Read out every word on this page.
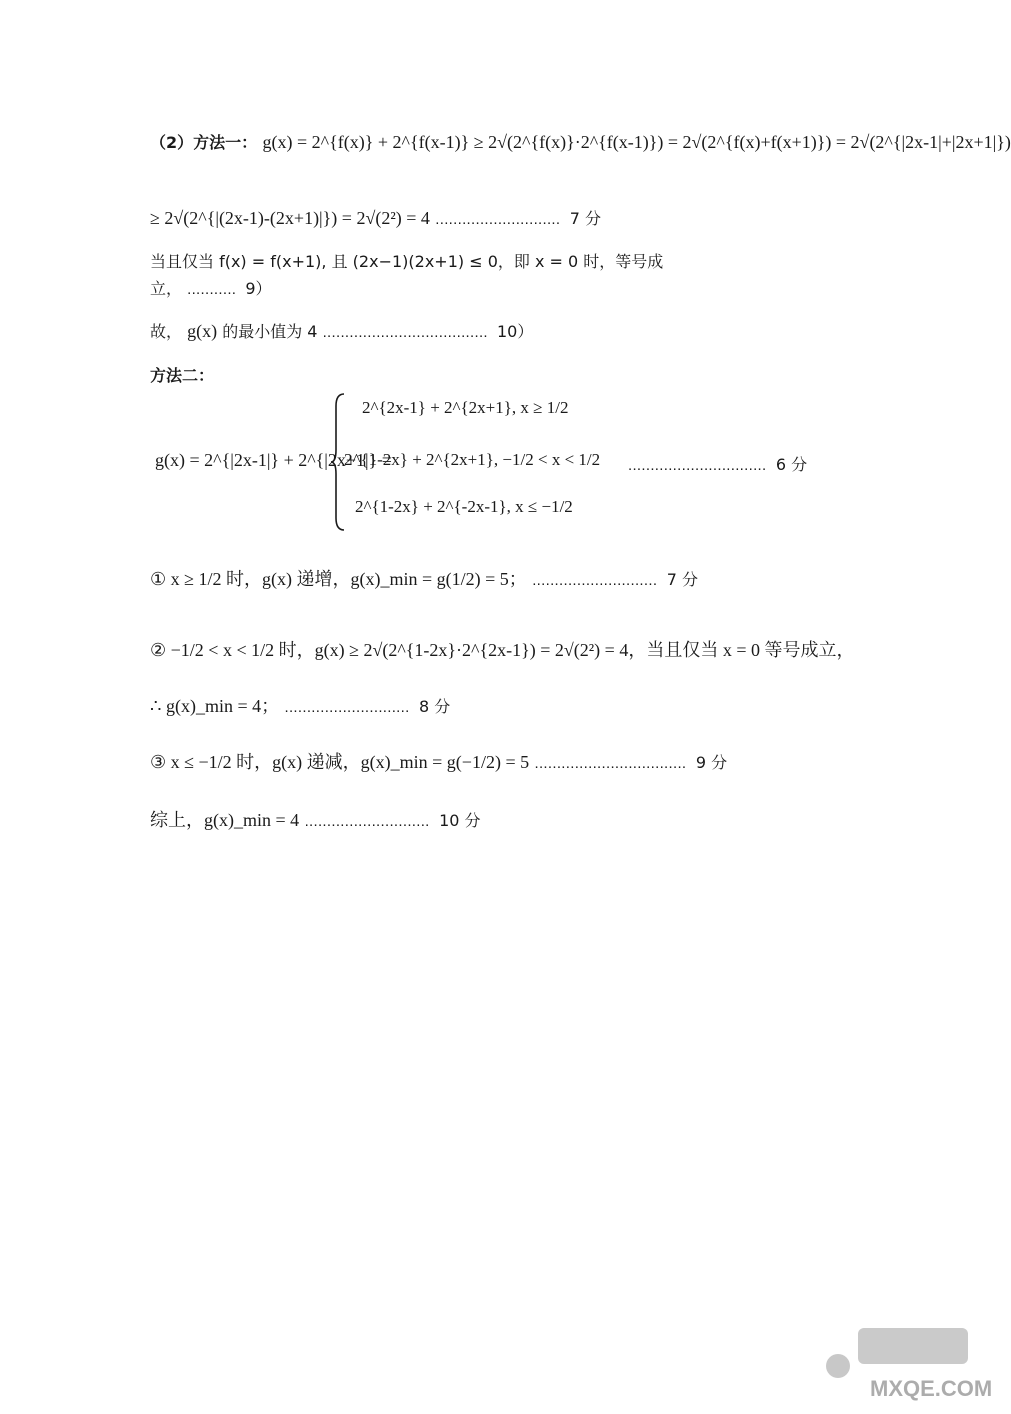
（2）方法一： g(x) = 2^{f(x)} + 2^{f(x-1)} ≥ 2√(2^{f(x)}·2^{f(x-1)}) = 2√(2^{f(x)+f(x+1)}) = 2√(2^{|2x-1|+|2x+1|})
≥ 2√(2^{|(2x-1)-(2x+1)|}) = 2√(2²) = 4 ............................ 7 分
当且仅当 f(x) = f(x+1), 且 (2x−1)(2x+1) ≤ 0，即 x = 0 时，等号成
立， ........... 9）
故， g(x) 的最小值为 4 ..................................... 10）
方法二：
g(x) = 2^{|2x-1|} + 2^{|2x+1|} =
2^{2x-1} + 2^{2x+1}, x ≥ 1/2
2^{1-2x} + 2^{2x+1}, −1/2 < x < 1/2
2^{1-2x} + 2^{-2x-1}, x ≤ −1/2
............................... 6 分
① x ≥ 1/2 时，g(x) 递增，g(x)_min = g(1/2) = 5； ............................ 7 分
② −1/2 < x < 1/2 时，g(x) ≥ 2√(2^{1-2x}·2^{2x-1}) = 2√(2²) = 4，当且仅当 x = 0 等号成立，
∴ g(x)_min = 4； ............................ 8 分
③ x ≤ −1/2 时，g(x) 递减，g(x)_min = g(−1/2) = 5 .................................. 9 分
综上，g(x)_min = 4 ............................ 10 分
MXQE.COM
